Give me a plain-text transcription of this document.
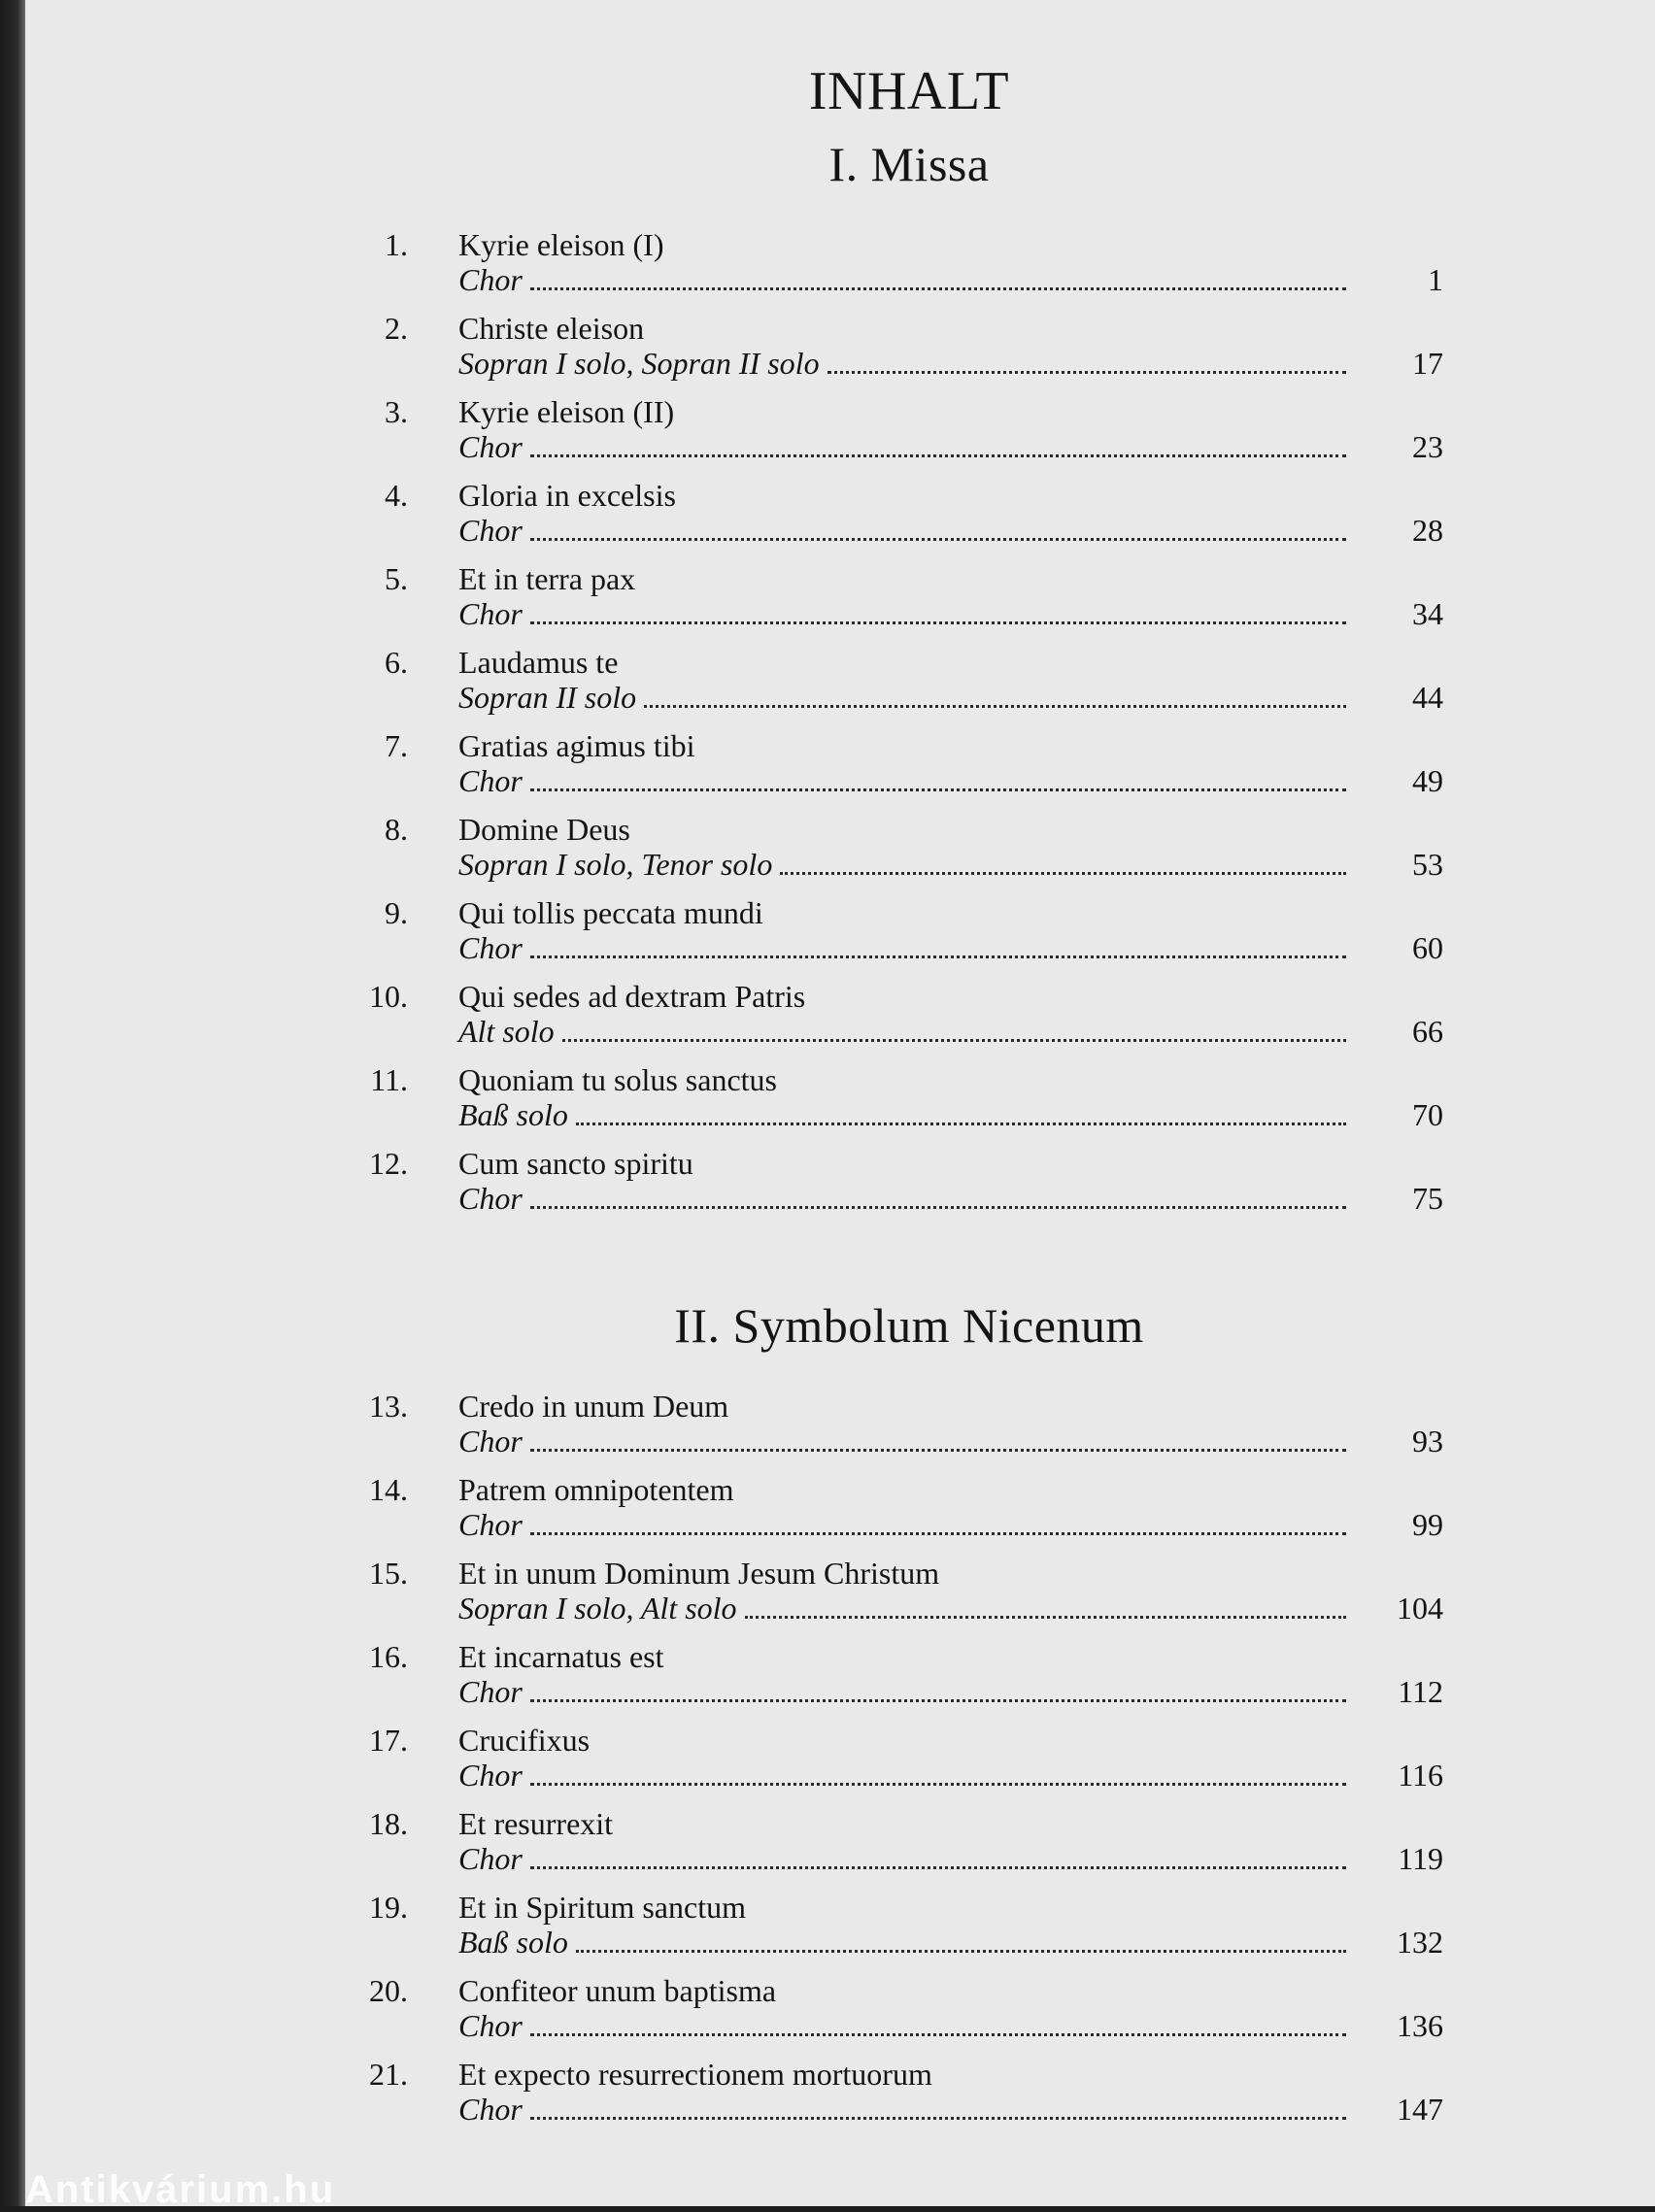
INHALT
I. Missa
1. Kyrie eleison (I)
Chor	1
2. Christe eleison
Sopran I solo, Sopran II solo	17
3. Kyrie eleison (II)
Chor	23
4. Gloria in excelsis
Chor	28
5. Et in terra pax
Chor	34
6. Laudamus te
Sopran II solo	44
7. Gratias agimus tibi
Chor	49
8. Domine Deus
Sopran I solo, Tenor solo	53
9. Qui tollis peccata mundi
Chor	60
10. Qui sedes ad dextram Patris
Alt solo	66
11. Quoniam tu solus sanctus
Baß solo	70
12. Cum sancto spiritu
Chor	75
II. Symbolum Nicenum
13. Credo in unum Deum
Chor	93
14. Patrem omnipotentem
Chor	99
15. Et in unum Dominum Jesum Christum
Sopran I solo, Alt solo	104
16. Et incarnatus est
Chor	112
17. Crucifixus
Chor	116
18. Et resurrexit
Chor	119
19. Et in Spiritum sanctum
Baß solo	132
20. Confiteor unum baptisma
Chor	136
21. Et expecto resurrectionem mortuorum
Chor	147
Antikvárium.hu
